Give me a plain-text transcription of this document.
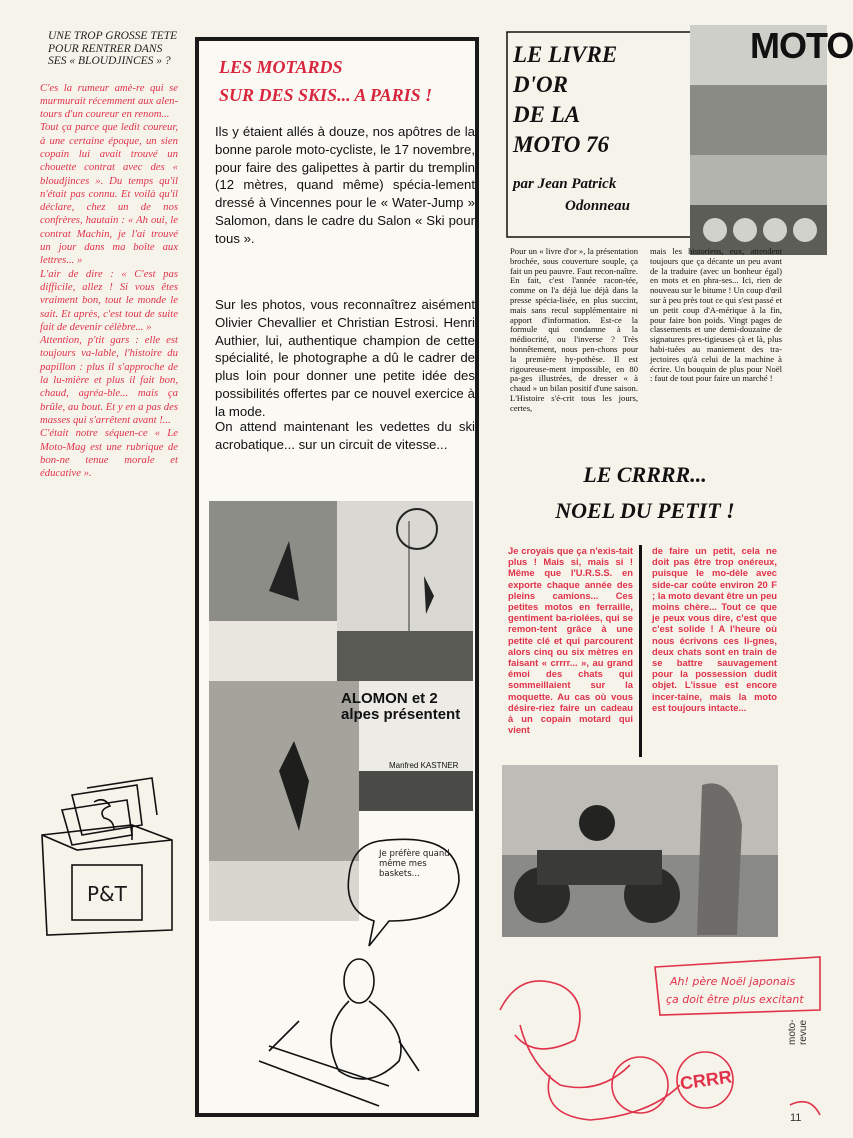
UNE TROP GROSSE TETE POUR RENTRER DANS SES « BLOUDJINCES » ?

C'es la rumeur amè-re qui se murmurait récemment aux alen-tours d'un coureur en renom...

Tout ça parce que ledit coureur, à une certaine époque, un sien copain lui avait trouvé un chouette contrat avec des « bloudjinces ». Du temps qu'il n'était pas connu. Et voilà qu'il déclare, chez un de nos confrères, hautain : « Ah oui, le contrat Machin, je l'ai trouvé un jour dans ma boîte aux lettres... »

L'air de dire : « C'est pas difficile, allez ! Si vous êtes vraiment bon, tout le monde le sait. Et après, c'est tout de suite fait de devenir célèbre... »

Attention, p'tit gars : elle est toujours va-lable, l'histoire du papillon : plus il s'approche de la lu-mière et plus il fait bon, chaud, agréa-ble... mais ça brûle, au bout. Et y en a pas des masses qui s'arrêtent avant !...

C'était notre séquen-ce « Le Moto-Mag est une rubrique de bon-ne tenue morale et éducative ».

P&T
LES MOTARDS
SUR DES SKIS... A PARIS !
Ils y étaient allés à douze, nos apôtres de la bonne parole moto-cycliste, le 17 novembre, pour faire des galipettes à partir du tremplin (12 mètres, quand même) spécia-lement dressé à Vincennes pour le « Water-Jump » Salomon, dans le cadre du Salon « Ski pour tous ».
Sur les photos, vous reconnaîtrez aisément Olivier Chevallier et Christian Estrosi. Henri Authier, lui, authentique champion de cette spécialité, le photographe a dû le cadrer de plus loin pour donner une petite idée des possibilités offertes par ce nouvel exercice à la mode.
On attend maintenant les vedettes du ski acrobatique... sur un circuit de vitesse...
ALOMON et 2 alpes présentent
Manfred KASTNER
Je préfère quand même mes baskets...
LE LIVRE
D'OR
DE LA
MOTO 76
par Jean Patrick
Odonneau
MOTO
Pour un « livre d'or », la présentation brochée, sous couverture souple, ça fait un peu pauvre. Faut recon-naître. En fait, c'est l'année racon-tée, comme on l'a déjà lue déjà dans la presse spécia-lisée, en plus succint, mais sans recul supplémentaire ni apport d'information. Est-ce la formule qui condamne à la médiocrité, ou l'inverse ? Très honnêtement, nous pen-chons pour la première hy-pothèse. Il est rigoureuse-ment impossible, en 80 pa-ges illustrées, de dresser « à chaud » un bilan positif d'une saison. L'Histoire s'é-crit tous les jours, certes,
mais les historiens, eux, attendent toujours que ça décante un peu avant de la traduire (avec un bonheur égal) en mots et en phra-ses... Ici, rien de nouveau sur le bitume ! Un coup d'œil sur à peu près tout ce qui s'est passé et un petit coup d'A-mérique à la fin, pour faire bon poids. Vingt pages de classements et une demi-douzaine de signatures pres-tigieuses çà et là, plus habi-tuées au maniement des tra-jectoires qu'à celui de la machine à écrire. Un bouquin de plus pour Noël : faut de tout pour faire un marché !
LE CRRRR...
NOEL DU PETIT !
Je croyais que ça n'exis-tait plus ! Mais si, mais si ! Même que l'U.R.S.S. en exporte chaque année des pleins camions... Ces petites motos en ferraille, gentiment ba-riolées, qui se remon-tent grâce à une petite clé et qui parcourent alors cinq ou six mètres en faisant « crrrr... », au grand émoi des chats qui sommeillaient sur la moquette. Au cas où vous désire-riez faire un cadeau à un copain motard qui vient
de faire un petit, cela ne doit pas être trop onéreux, puisque le mo-dèle avec side-car coûte environ 20 F ; la moto devant être un peu moins chère... Tout ce que je peux vous dire, c'est que c'est solide ! A l'heure où nous écrivons ces li-gnes, deux chats sont en train de se battre sauvagement pour la possession dudit objet. L'issue est encore incer-taine, mais la moto est toujours intacte...
Ah! père Noël japonais
ça doit être plus excitant
CRRR
moto-revue
11
